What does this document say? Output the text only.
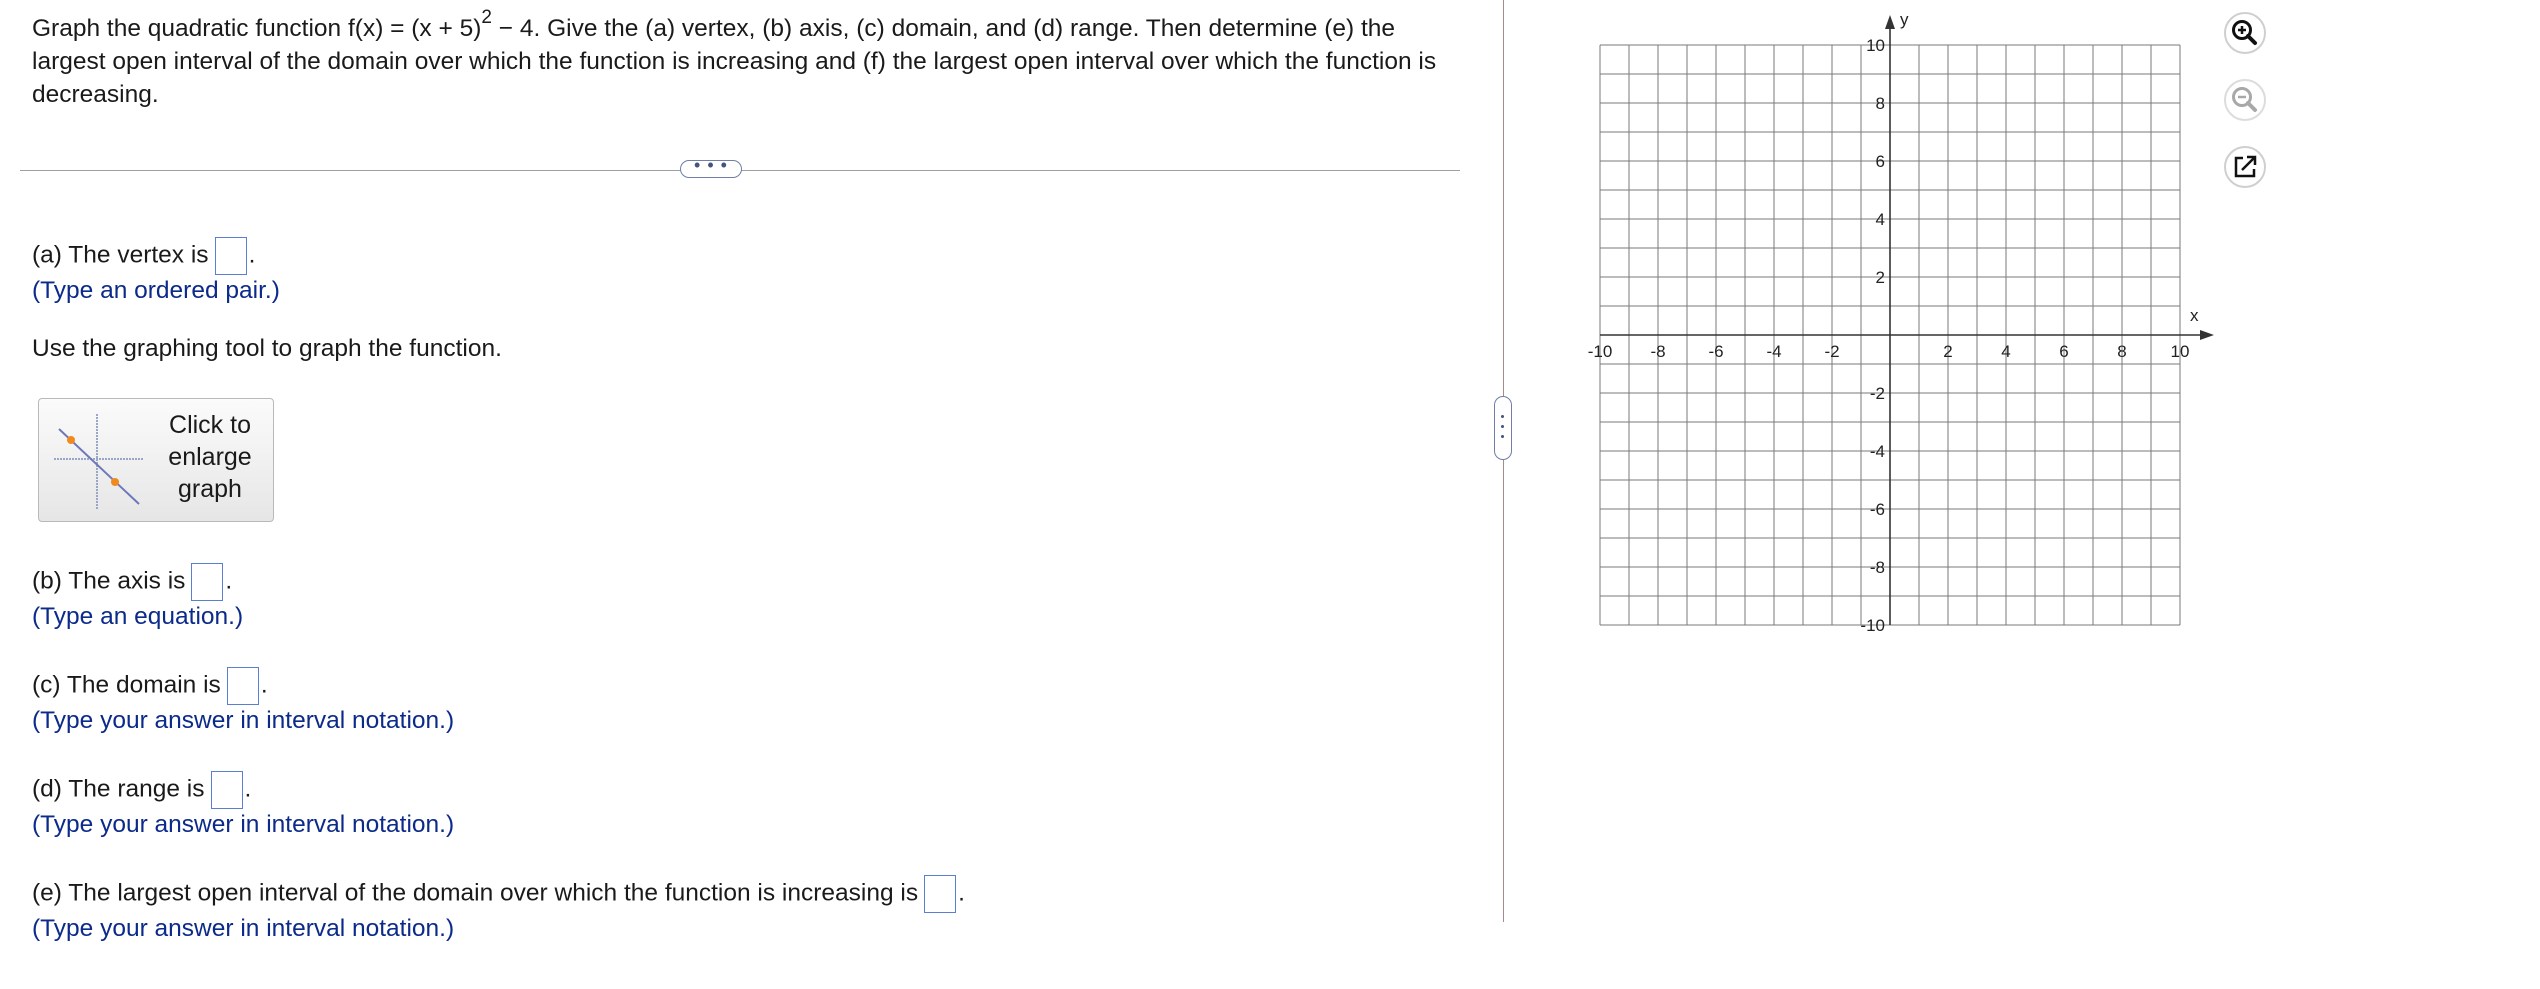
Graph the quadratic function $f(x) = (x + 5)^2 - 4$. Give the (a) vertex, (b) axis, (c) domain, and (d) range. Then determine (e) the largest open interval of the domain over which the function is increasing and (f) the largest open interval over which the function is decreasing.
• • •
(a) The vertex is .
(Type an ordered pair.)
Use the graphing tool to graph the function.
Click to enlarge graph
(b) The axis is .
(Type an equation.)
(c) The domain is .
(Type your answer in interval notation.)
(d) The range is .
(Type your answer in interval notation.)
(e) The largest open interval of the domain over which the function is increasing is .
(Type your answer in interval notation.)
-10 -8	-6	-4	-2	2	4	6	8	10
10
8
6
4
2
-2
-4
-6
-8
-10
x
y
